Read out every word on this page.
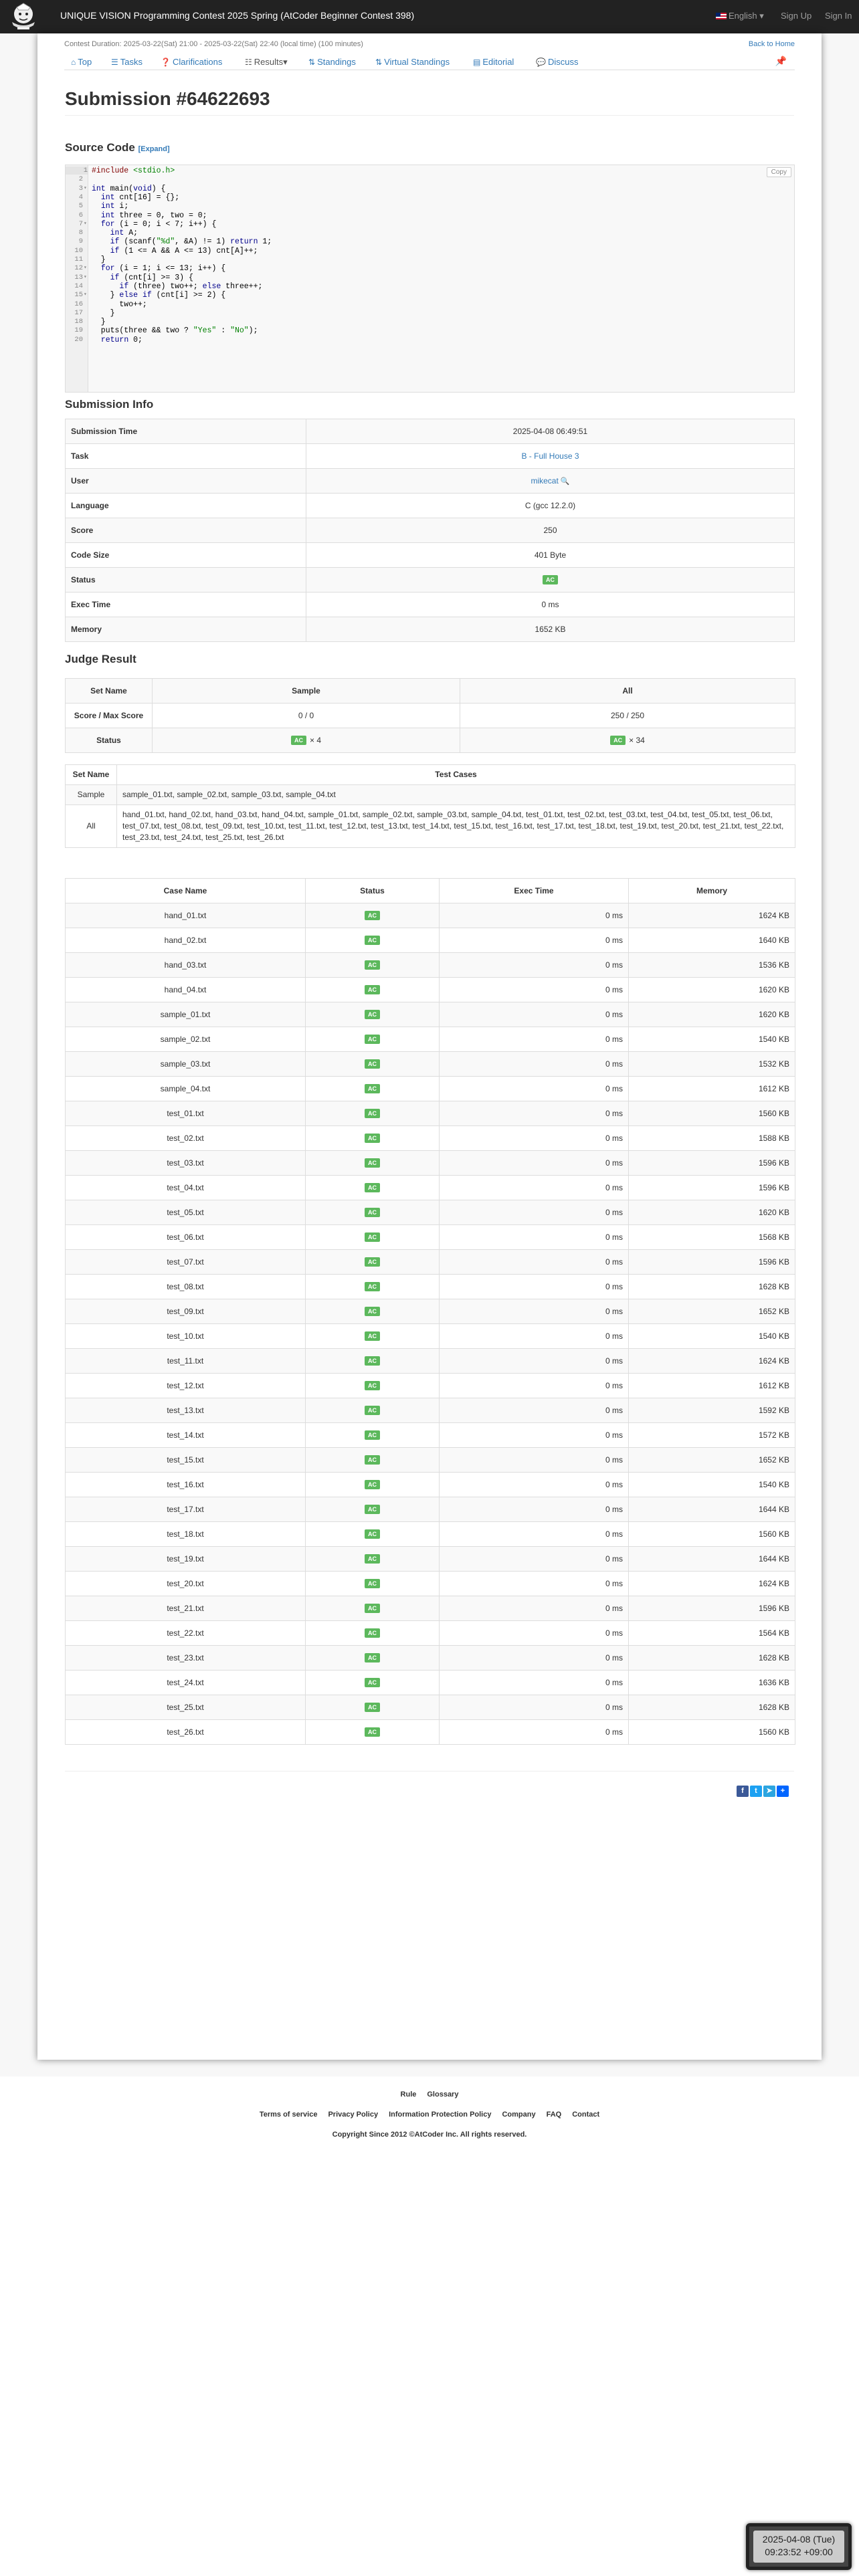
UNIQUE VISION Programming Contest 2025 Spring (AtCoder Beginner Contest 398)	English ▾ Sign Up Sign In
Contest Duration: 2025-03-22(Sat) 21:00 - 2025-03-22(Sat) 22:40 (local time) (100 minutes)	Back to Home
⌂ Top ☰ Tasks ❓ Clarifications	☷ Results▾	⇅ Standings ⇅ Virtual Standings	▤ Editorial	💬 Discuss	📌
Submission #64622693
Source Code [Expand]
1
2
3 ▾
4
5
6
7 ▾
8
9
10
11
12 ▾
13 ▾
14
15 ▾
16
17
18
19
20
#include <stdio.h>
int main(void) {
int cnt[16] = {};
int i;
int three = 0, two = 0;
for (i = 0; i < 7; i++) {
int A;
if (scanf("%d", &A) != 1) return 1;
if (1 <= A && A <= 13) cnt[A]++;
}
for (i = 1; i <= 13; i++) {
if (cnt[i] >= 3) {
if (three) two++; else three++;
} else if (cnt[i] >= 2) {
two++;
}
}
puts(three && two ? "Yes" : "No");
return 0;
Copy
Submission Info
Submission Time	2025-04-08 06:49:51
Task	B - Full House 3
User	mikecat 🔍
Language	C (gcc 12.2.0)
Score	250
Code Size	401 Byte
Status	AC
Exec Time	0 ms
Memory	1652 KB
Judge Result
Set Name	Sample	All
Score / Max Score	0 / 0	250 / 250
Status	AC × 4	AC × 34
Set Name	Test Cases
Sample	sample_01.txt, sample_02.txt, sample_03.txt, sample_04.txt
All	hand_01.txt, hand_02.txt, hand_03.txt, hand_04.txt, sample_01.txt, sample_02.txt, sample_03.txt, sample_04.txt, test_01.txt, test_02.txt, test_03.txt, test_04.txt, test_05.txt, test_06.txt, test_07.txt, test_08.txt, test_09.txt, test_10.txt, test_11.txt, test_12.txt, test_13.txt, test_14.txt, test_15.txt, test_16.txt, test_17.txt, test_18.txt, test_19.txt, test_20.txt, test_21.txt, test_22.txt, test_23.txt, test_24.txt, test_25.txt, test_26.txt
Case Name	Status	Exec Time	Memory
hand_01.txt	AC	0 ms	1624 KB
hand_02.txt	AC	0 ms	1640 KB
hand_03.txt	AC	0 ms	1536 KB
hand_04.txt	AC	0 ms	1620 KB
sample_01.txt	AC	0 ms	1620 KB
sample_02.txt	AC	0 ms	1540 KB
sample_03.txt	AC	0 ms	1532 KB
sample_04.txt	AC	0 ms	1612 KB
test_01.txt	AC	0 ms	1560 KB
test_02.txt	AC	0 ms	1588 KB
test_03.txt	AC	0 ms	1596 KB
test_04.txt	AC	0 ms	1596 KB
test_05.txt	AC	0 ms	1620 KB
test_06.txt	AC	0 ms	1568 KB
test_07.txt	AC	0 ms	1596 KB
test_08.txt	AC	0 ms	1628 KB
test_09.txt	AC	0 ms	1652 KB
test_10.txt	AC	0 ms	1540 KB
test_11.txt	AC	0 ms	1624 KB
test_12.txt	AC	0 ms	1612 KB
test_13.txt	AC	0 ms	1592 KB
test_14.txt	AC	0 ms	1572 KB
test_15.txt	AC	0 ms	1652 KB
test_16.txt	AC	0 ms	1540 KB
test_17.txt	AC	0 ms	1644 KB
test_18.txt	AC	0 ms	1560 KB
test_19.txt	AC	0 ms	1644 KB
test_20.txt	AC	0 ms	1624 KB
test_21.txt	AC	0 ms	1596 KB
test_22.txt	AC	0 ms	1564 KB
test_23.txt	AC	0 ms	1628 KB
test_24.txt	AC	0 ms	1636 KB
test_25.txt	AC	0 ms	1628 KB
test_26.txt	AC	0 ms	1560 KB
f t ➤ +
Rule Glossary
Terms of service Privacy Policy Information Protection Policy Company FAQ Contact
Copyright Since 2012 ©AtCoder Inc. All rights reserved.
2025-04-08 (Tue)
09:23:52 +09:00
